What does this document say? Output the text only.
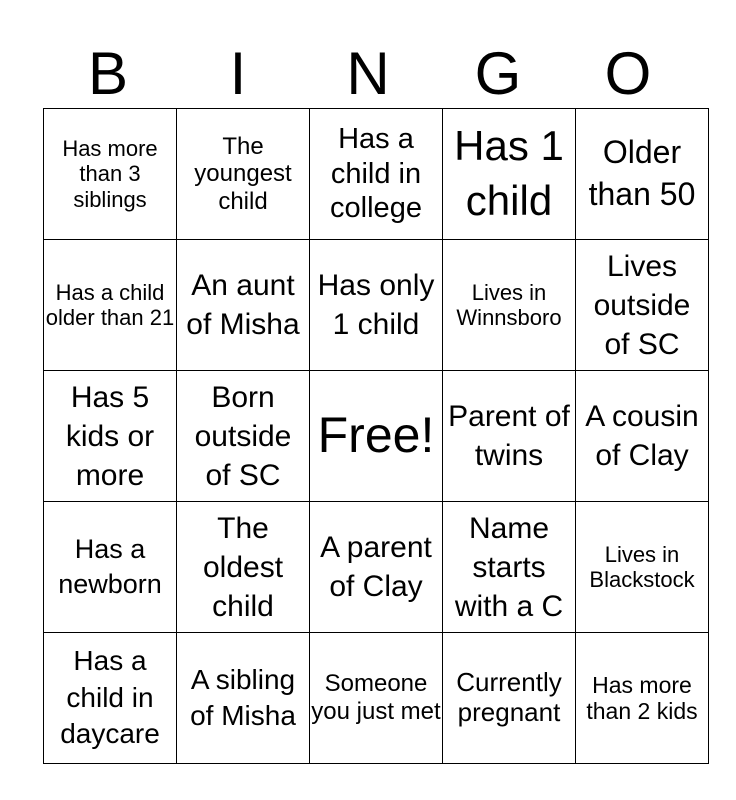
B	I	N	G	O
Has more than 3 siblings	The youngest child	Has a child in college	Has 1 child	Older than 50
Has a child older than 21	An aunt of Misha	Has only 1 child	Lives in Winnsboro	Lives outside of SC
Has 5 kids or more	Born outside of SC	Free!	Parent of twins	A cousin of Clay
Has a newborn	The oldest child	A parent of Clay	Name starts with a C	Lives in Blackstock
Has a child in daycare	A sibling of Misha	Someone you just met	Currently pregnant	Has more than 2 kids
